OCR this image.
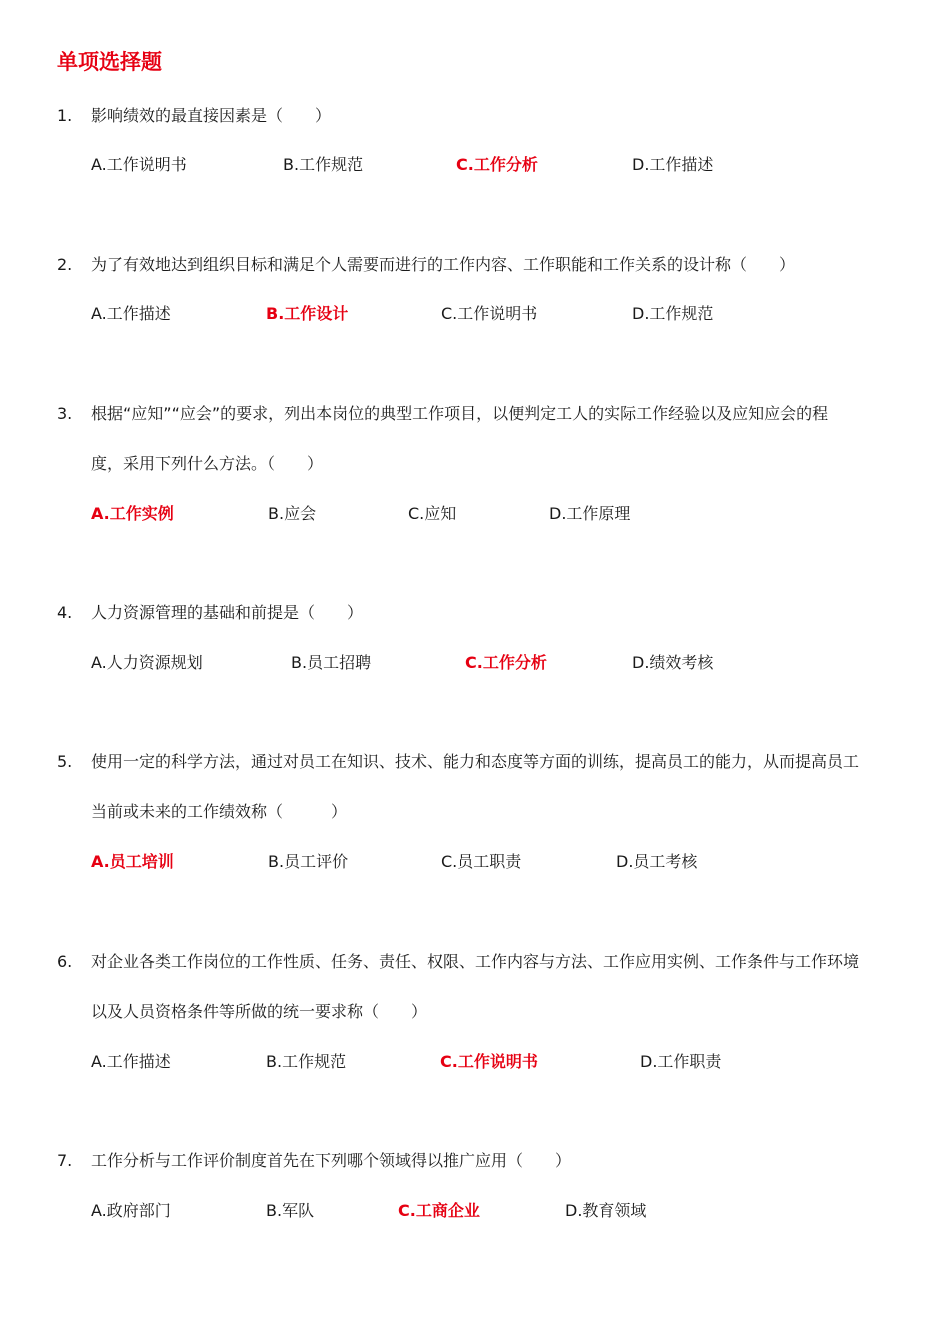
单项选择题
1. 影响绩效的最直接因素是（　　）
A.工作说明书	B.工作规范	C.工作分析	D.工作描述
2. 为了有效地达到组织目标和满足个人需要而进行的工作内容、工作职能和工作关系的设计称（　　）
A.工作描述	B.工作设计	C.工作说明书	D.工作规范
3. 根据“应知”“应会”的要求，列出本岗位的典型工作项目，以便判定工人的实际工作经验以及应知应会的程
度，采用下列什么方法。（　　）
A.工作实例	B.应会	C.应知	D.工作原理
4. 人力资源管理的基础和前提是（　　）
A.人力资源规划	B.员工招聘	C.工作分析	D.绩效考核
5. 使用一定的科学方法，通过对员工在知识、技术、能力和态度等方面的训练，提高员工的能力，从而提高员工
当前或未来的工作绩效称（　　　）
A.员工培训	B.员工评价	C.员工职责	D.员工考核
6. 对企业各类工作岗位的工作性质、任务、责任、权限、工作内容与方法、工作应用实例、工作条件与工作环境
以及人员资格条件等所做的统一要求称（　　）
A.工作描述	B.工作规范	C.工作说明书	D.工作职责
7. 工作分析与工作评价制度首先在下列哪个领域得以推广应用（　　）
A.政府部门	B.军队	C.工商企业	D.教育领域
